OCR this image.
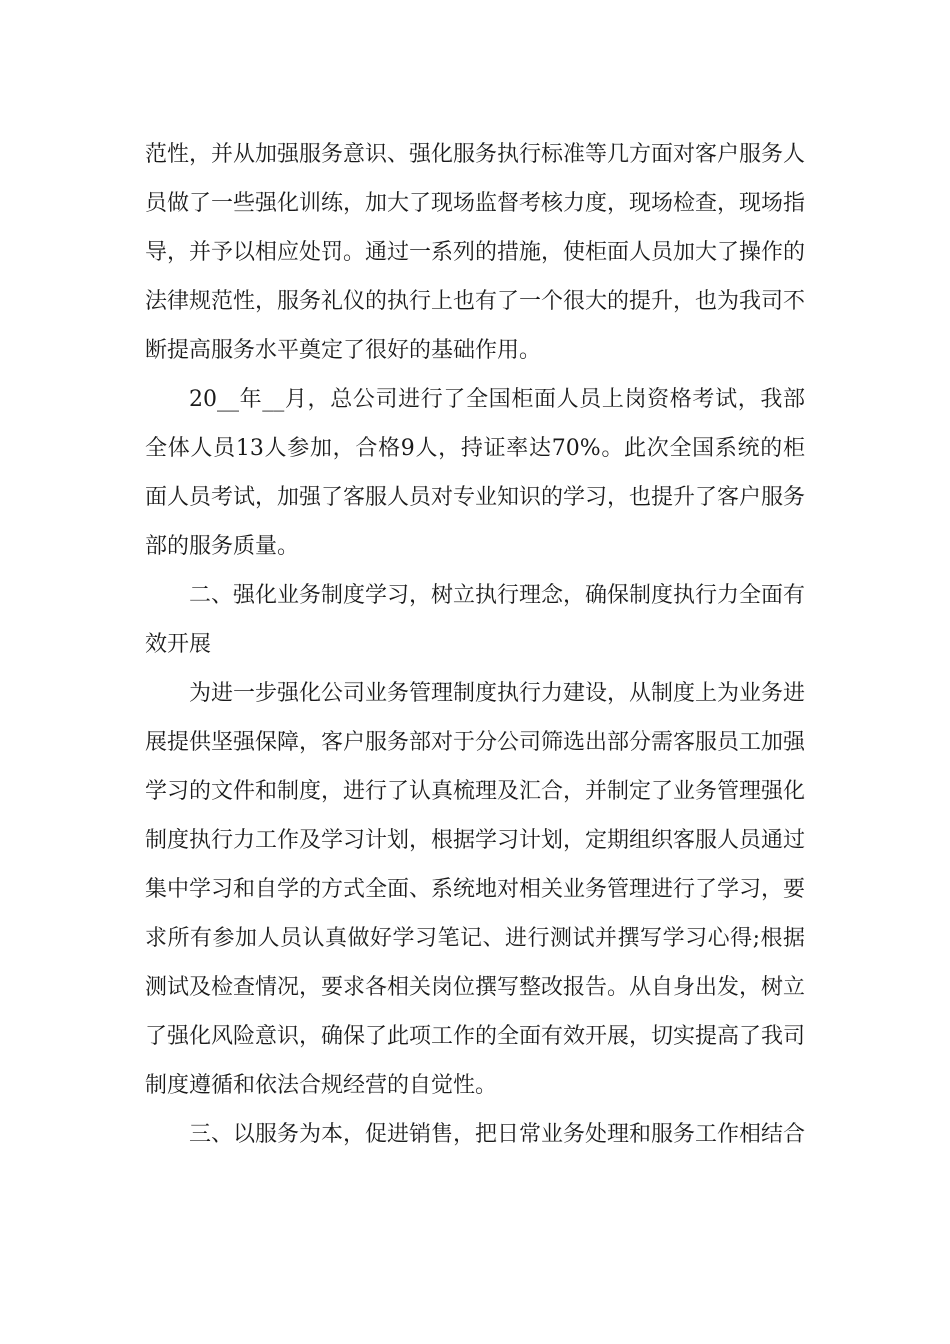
范性，并从加强服务意识、强化服务执行标准等几方面对客户服务人员做了一些强化训练，加大了现场监督考核力度，现场检查，现场指导，并予以相应处罚。通过一系列的措施，使柜面人员加大了操作的法律规范性，服务礼仪的执行上也有了一个很大的提升，也为我司不断提高服务水平奠定了很好的基础作用。

20__年__月，总公司进行了全国柜面人员上岗资格考试，我部全体人员13人参加，合格9人，持证率达70%。此次全国系统的柜面人员考试，加强了客服人员对专业知识的学习，也提升了客户服务部的服务质量。

二、强化业务制度学习，树立执行理念，确保制度执行力全面有效开展

为进一步强化公司业务管理制度执行力建设，从制度上为业务进展提供坚强保障，客户服务部对于分公司筛选出部分需客服员工加强学习的文件和制度，进行了认真梳理及汇合，并制定了业务管理强化制度执行力工作及学习计划，根据学习计划，定期组织客服人员通过集中学习和自学的方式全面、系统地对相关业务管理进行了学习，要求所有参加人员认真做好学习笔记、进行测试并撰写学习心得;根据测试及检查情况，要求各相关岗位撰写整改报告。从自身出发，树立了强化风险意识，确保了此项工作的全面有效开展，切实提高了我司制度遵循和依法合规经营的自觉性。

三、以服务为本，促进销售，把日常业务处理和服务工作相结合
